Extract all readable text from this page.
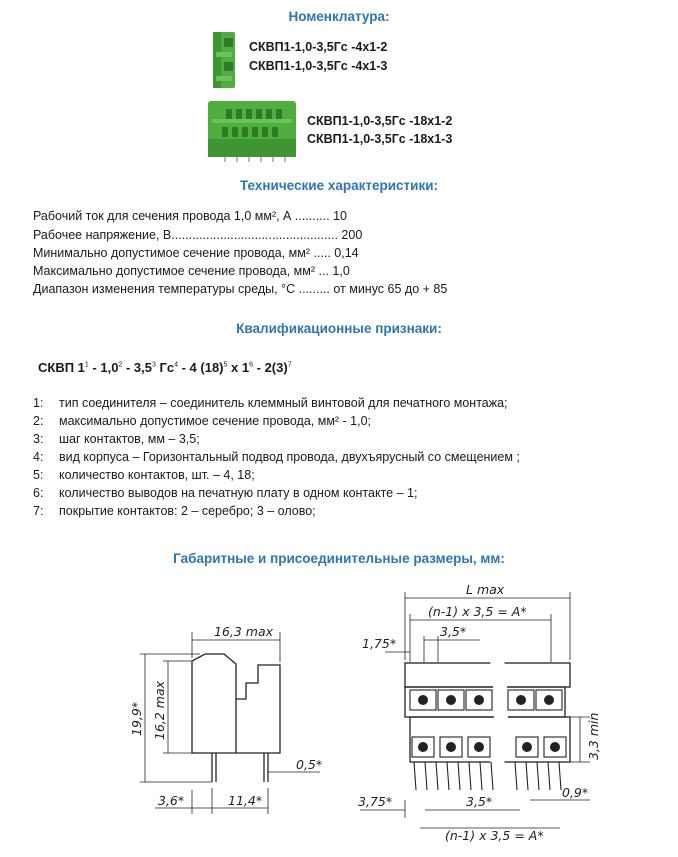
Номенклатура:
Технические характеристики:
Квалификационные признаки:
Габаритные и присоединительные размеры, мм:
СКВП1-1,0-3,5Гс -4х1-2
СКВП1-1,0-3,5Гс -4х1-3
СКВП1-1,0-3,5Гс -18х1-2
СКВП1-1,0-3,5Гс -18х1-3
Рабочий ток для сечения провода 1,0 мм², А .......... 10
Рабочее напряжение, В................................................ 200
Минимально допустимое сечение провода, мм² ..... 0,14
Максимально допустимое сечение провода, мм² ... 1,0
Диапазон изменения температуры среды, °С ......... от минус 65 до + 85
СКВП $1^1 - 1,0^2 - 3,5^3$ $Гс^4 - 4$ $(18)^5$ х $1^6 - 2(3)^7$
1: тип соединителя – соединитель клеммный винтовой для печатного монтажа;
2: максимально допустимое сечение провода, мм² - 1,0;
3: шаг контактов, мм – 3,5;
4: вид корпуса – Горизонтальный подвод провода, двухъярусный со смещением ;
5: количество контактов, шт. – 4, 18;
6: количество выводов на печатную плату в одном контакте – 1;
7: покрытие контактов: 2 – серебро; 3 – олово;
16,3 max
19,9* 16,2 max
0,5*
3,6*	11,4*
L max
(n-1) x 3,5 = A*
1,75*
3,5*
3,3 min
3,75*	3,5*
0,9*
(n-1) x 3,5 = A*
